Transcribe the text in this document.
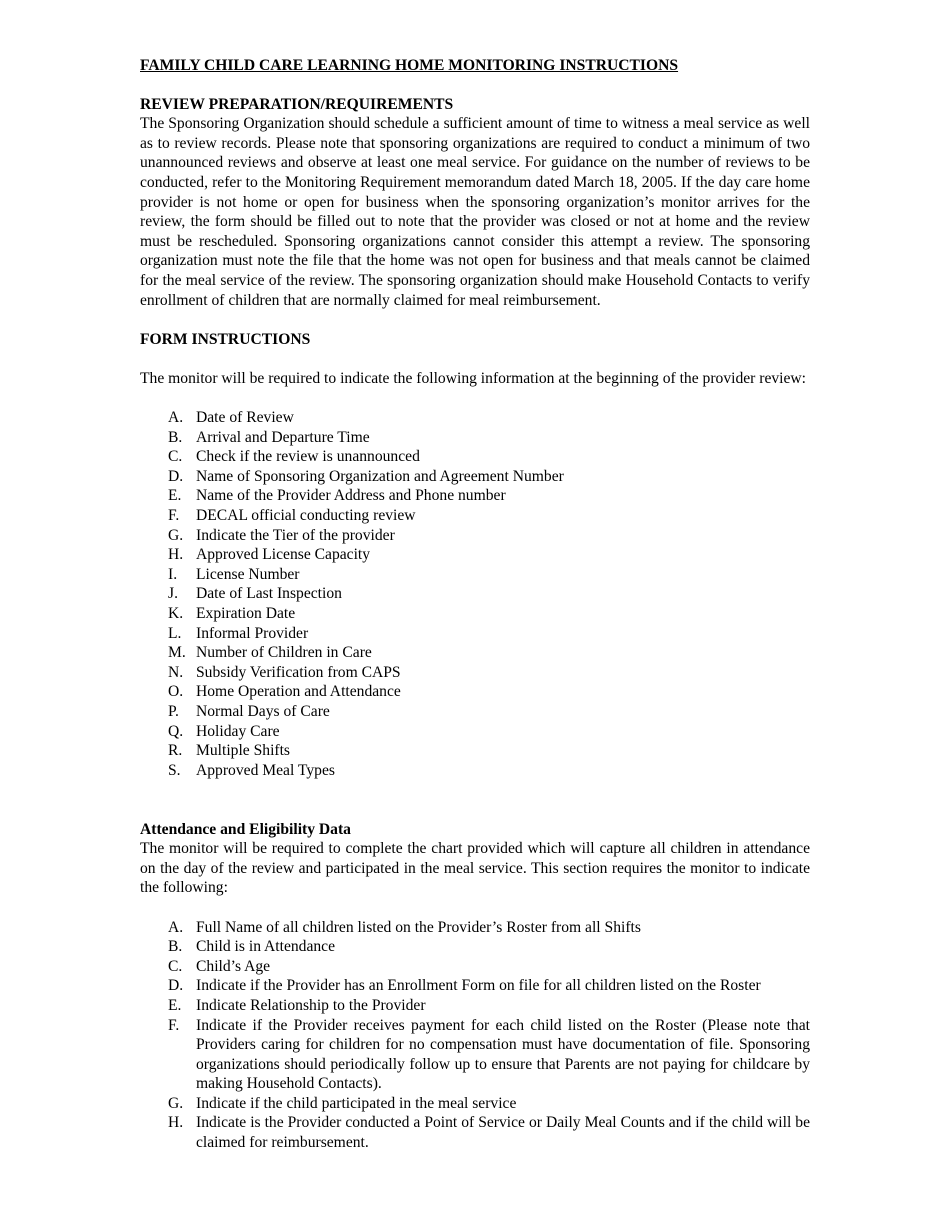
FAMILY CHILD CARE LEARNING HOME MONITORING INSTRUCTIONS

REVIEW PREPARATION/REQUIREMENTS

The Sponsoring Organization should schedule a sufficient amount of time to witness a meal service as well as to review records. Please note that sponsoring organizations are required to conduct a minimum of two unannounced reviews and observe at least one meal service. For guidance on the number of reviews to be conducted, refer to the Monitoring Requirement memorandum dated March 18, 2005. If the day care home provider is not home or open for business when the sponsoring organization’s monitor arrives for the review, the form should be filled out to note that the provider was closed or not at home and the review must be rescheduled. Sponsoring organizations cannot consider this attempt a review. The sponsoring organization must note the file that the home was not open for business and that meals cannot be claimed for the meal service of the review. The sponsoring organization should make Household Contacts to verify enrollment of children that are normally claimed for meal reimbursement.

FORM INSTRUCTIONS

The monitor will be required to indicate the following information at the beginning of the provider review:

A. Date of Review
B. Arrival and Departure Time
C. Check if the review is unannounced
D. Name of Sponsoring Organization and Agreement Number
E. Name of the Provider Address and Phone number
F. DECAL official conducting review
G. Indicate the Tier of the provider
H. Approved License Capacity
I. License Number
J. Date of Last Inspection
K. Expiration Date
L. Informal Provider
M. Number of Children in Care
N. Subsidy Verification from CAPS
O. Home Operation and Attendance
P. Normal Days of Care
Q. Holiday Care
R. Multiple Shifts
S. Approved Meal Types

Attendance and Eligibility Data

The monitor will be required to complete the chart provided which will capture all children in attendance on the day of the review and participated in the meal service. This section requires the monitor to indicate the following:

A. Full Name of all children listed on the Provider’s Roster from all Shifts
B. Child is in Attendance
C. Child’s Age
D. Indicate if the Provider has an Enrollment Form on file for all children listed on the Roster
E. Indicate Relationship to the Provider
F. Indicate if the Provider receives payment for each child listed on the Roster (Please note that Providers caring for children for no compensation must have documentation of file. Sponsoring organizations should periodically follow up to ensure that Parents are not paying for childcare by making Household Contacts).
G. Indicate if the child participated in the meal service
H. Indicate is the Provider conducted a Point of Service or Daily Meal Counts and if the child will be claimed for reimbursement.
